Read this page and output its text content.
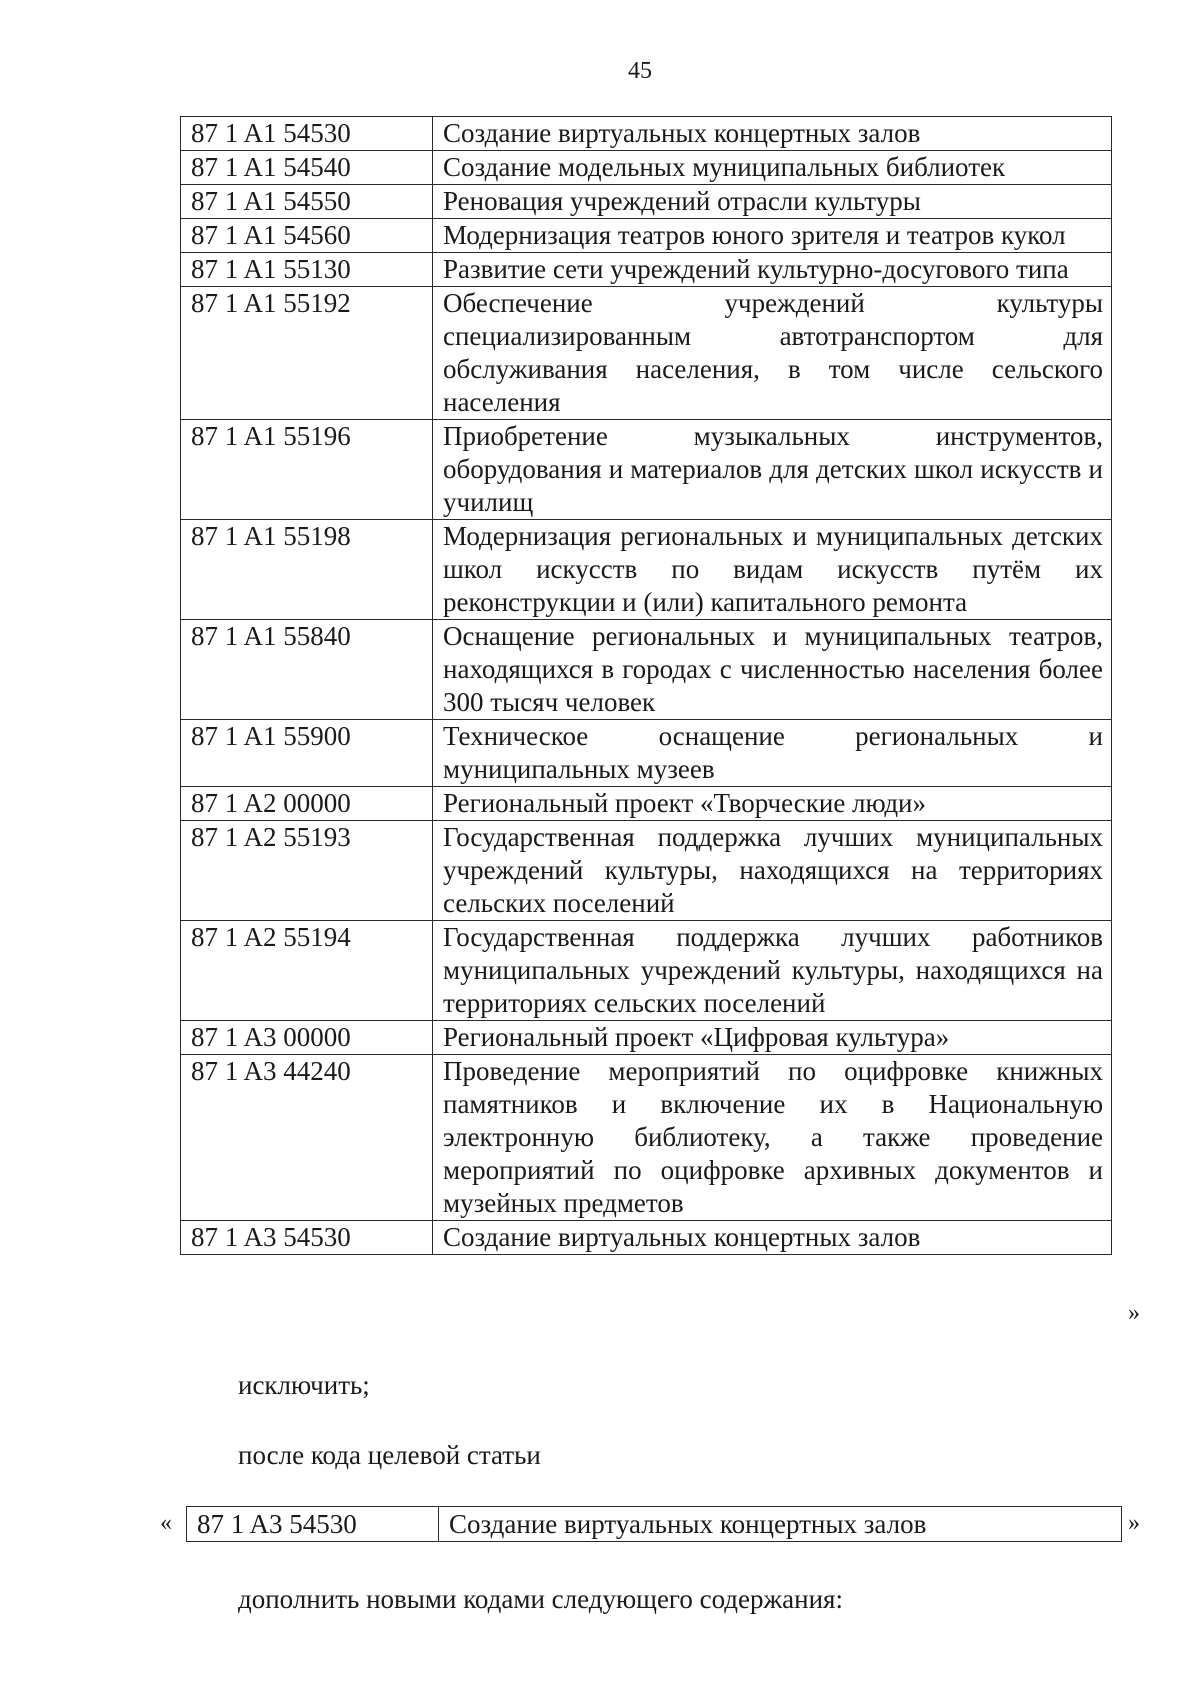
45
87 1 A1 54530	Создание виртуальных концертных залов
87 1 A1 54540	Создание модельных муниципальных библиотек
87 1 A1 54550	Реновация учреждений отрасли культуры
87 1 A1 54560	Модернизация театров юного зрителя и театров кукол
87 1 A1 55130	Развитие сети учреждений культурно-досугового типа
87 1 A1 55192	Обеспечение учреждений культуры специализированным автотранспортом для обслуживания населения, в том числе сельского населения
87 1 A1 55196	Приобретение музыкальных инструментов, оборудования и материалов для детских школ искусств и училищ
87 1 A1 55198	Модернизация региональных и муниципальных детских школ искусств по видам искусств путём их реконструкции и (или) капитального ремонта
87 1 A1 55840	Оснащение региональных и муниципальных театров, находящихся в городах с численностью населения более 300 тысяч человек
87 1 A1 55900	Техническое оснащение региональных и муниципальных музеев
87 1 A2 00000	Региональный проект «Творческие люди»
87 1 A2 55193	Государственная поддержка лучших муниципальных учреждений культуры, находящихся на территориях сельских поселений
87 1 A2 55194	Государственная поддержка лучших работников муниципальных учреждений культуры, находящихся на территориях сельских поселений
87 1 A3 00000	Региональный проект «Цифровая культура»
87 1 A3 44240	Проведение мероприятий по оцифровке книжных памятников и включение их в Национальную электронную библиотеку, а также проведение мероприятий по оцифровке архивных документов и музейных предметов
87 1 A3 54530	Создание виртуальных концертных залов
»
исключить;
после кода целевой статьи
« 87 1 A3 54530	Создание виртуальных концертных залов	»
дополнить новыми кодами следующего содержания:
